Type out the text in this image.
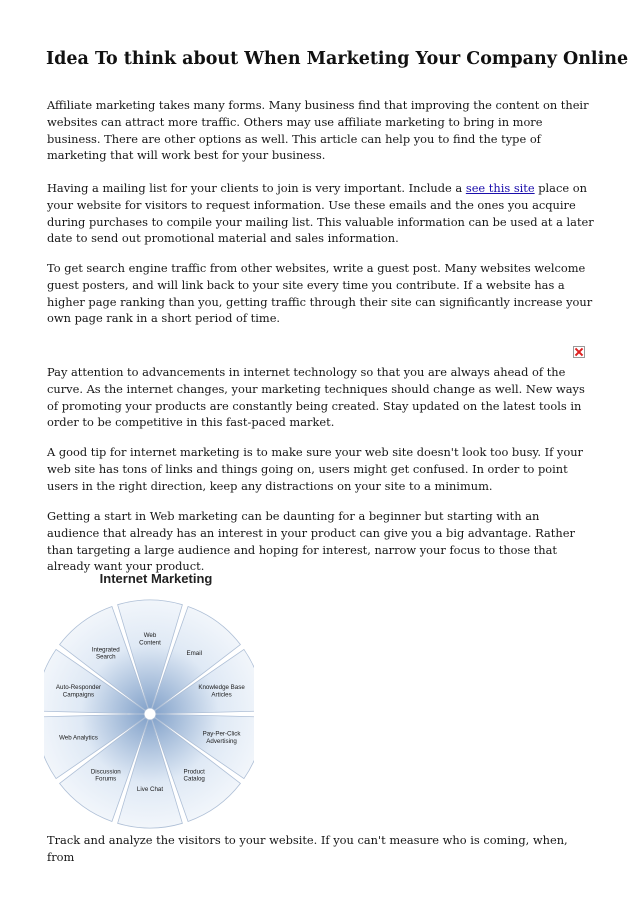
Idea To think about When Marketing Your Company Online

Affiliate marketing takes many forms. Many business find that improving the content on their websites can attract more traffic. Others may use affiliate marketing to bring in more business. There are other options as well. This article can help you to find the type of marketing that will work best for your business.

Having a mailing list for your clients to join is very important. Include a see this site place on your website for visitors to request information. Use these emails and the ones you acquire during purchases to compile your mailing list. This valuable information can be used at a later date to send out promotional material and sales information.

To get search engine traffic from other websites, write a guest post. Many websites welcome guest posters, and will link back to your site every time you contribute. If a website has a higher page ranking than you, getting traffic through their site can significantly increase your own page rank in a short period of time.

Pay attention to advancements in internet technology so that you are always ahead of the curve. As the internet changes, your marketing techniques should change as well. New ways of promoting your products are constantly being created. Stay updated on the latest tools in order to be competitive in this fast-paced market.

A good tip for internet marketing is to make sure your web site doesn't look too busy. If your web site has tons of links and things going on, users might get confused. In order to point users in the right direction, keep any distractions on your site to a minimum.

Getting a start in Web marketing can be daunting for a beginner but starting with an audience that already has an interest in your product can give you a big advantage. Rather than targeting a large audience and hoping for interest, narrow your focus to those that already want your product.

Internet Marketing
Web Content
Email
Knowledge Base Articles
Pay-Per-Click Advertising
Product Catalog
Live Chat
Discussion Forums
Web Analytics
Auto-Responder Campaigns
Integrated Search

Track and analyze the visitors to your website. If you can't measure who is coming, when, from
